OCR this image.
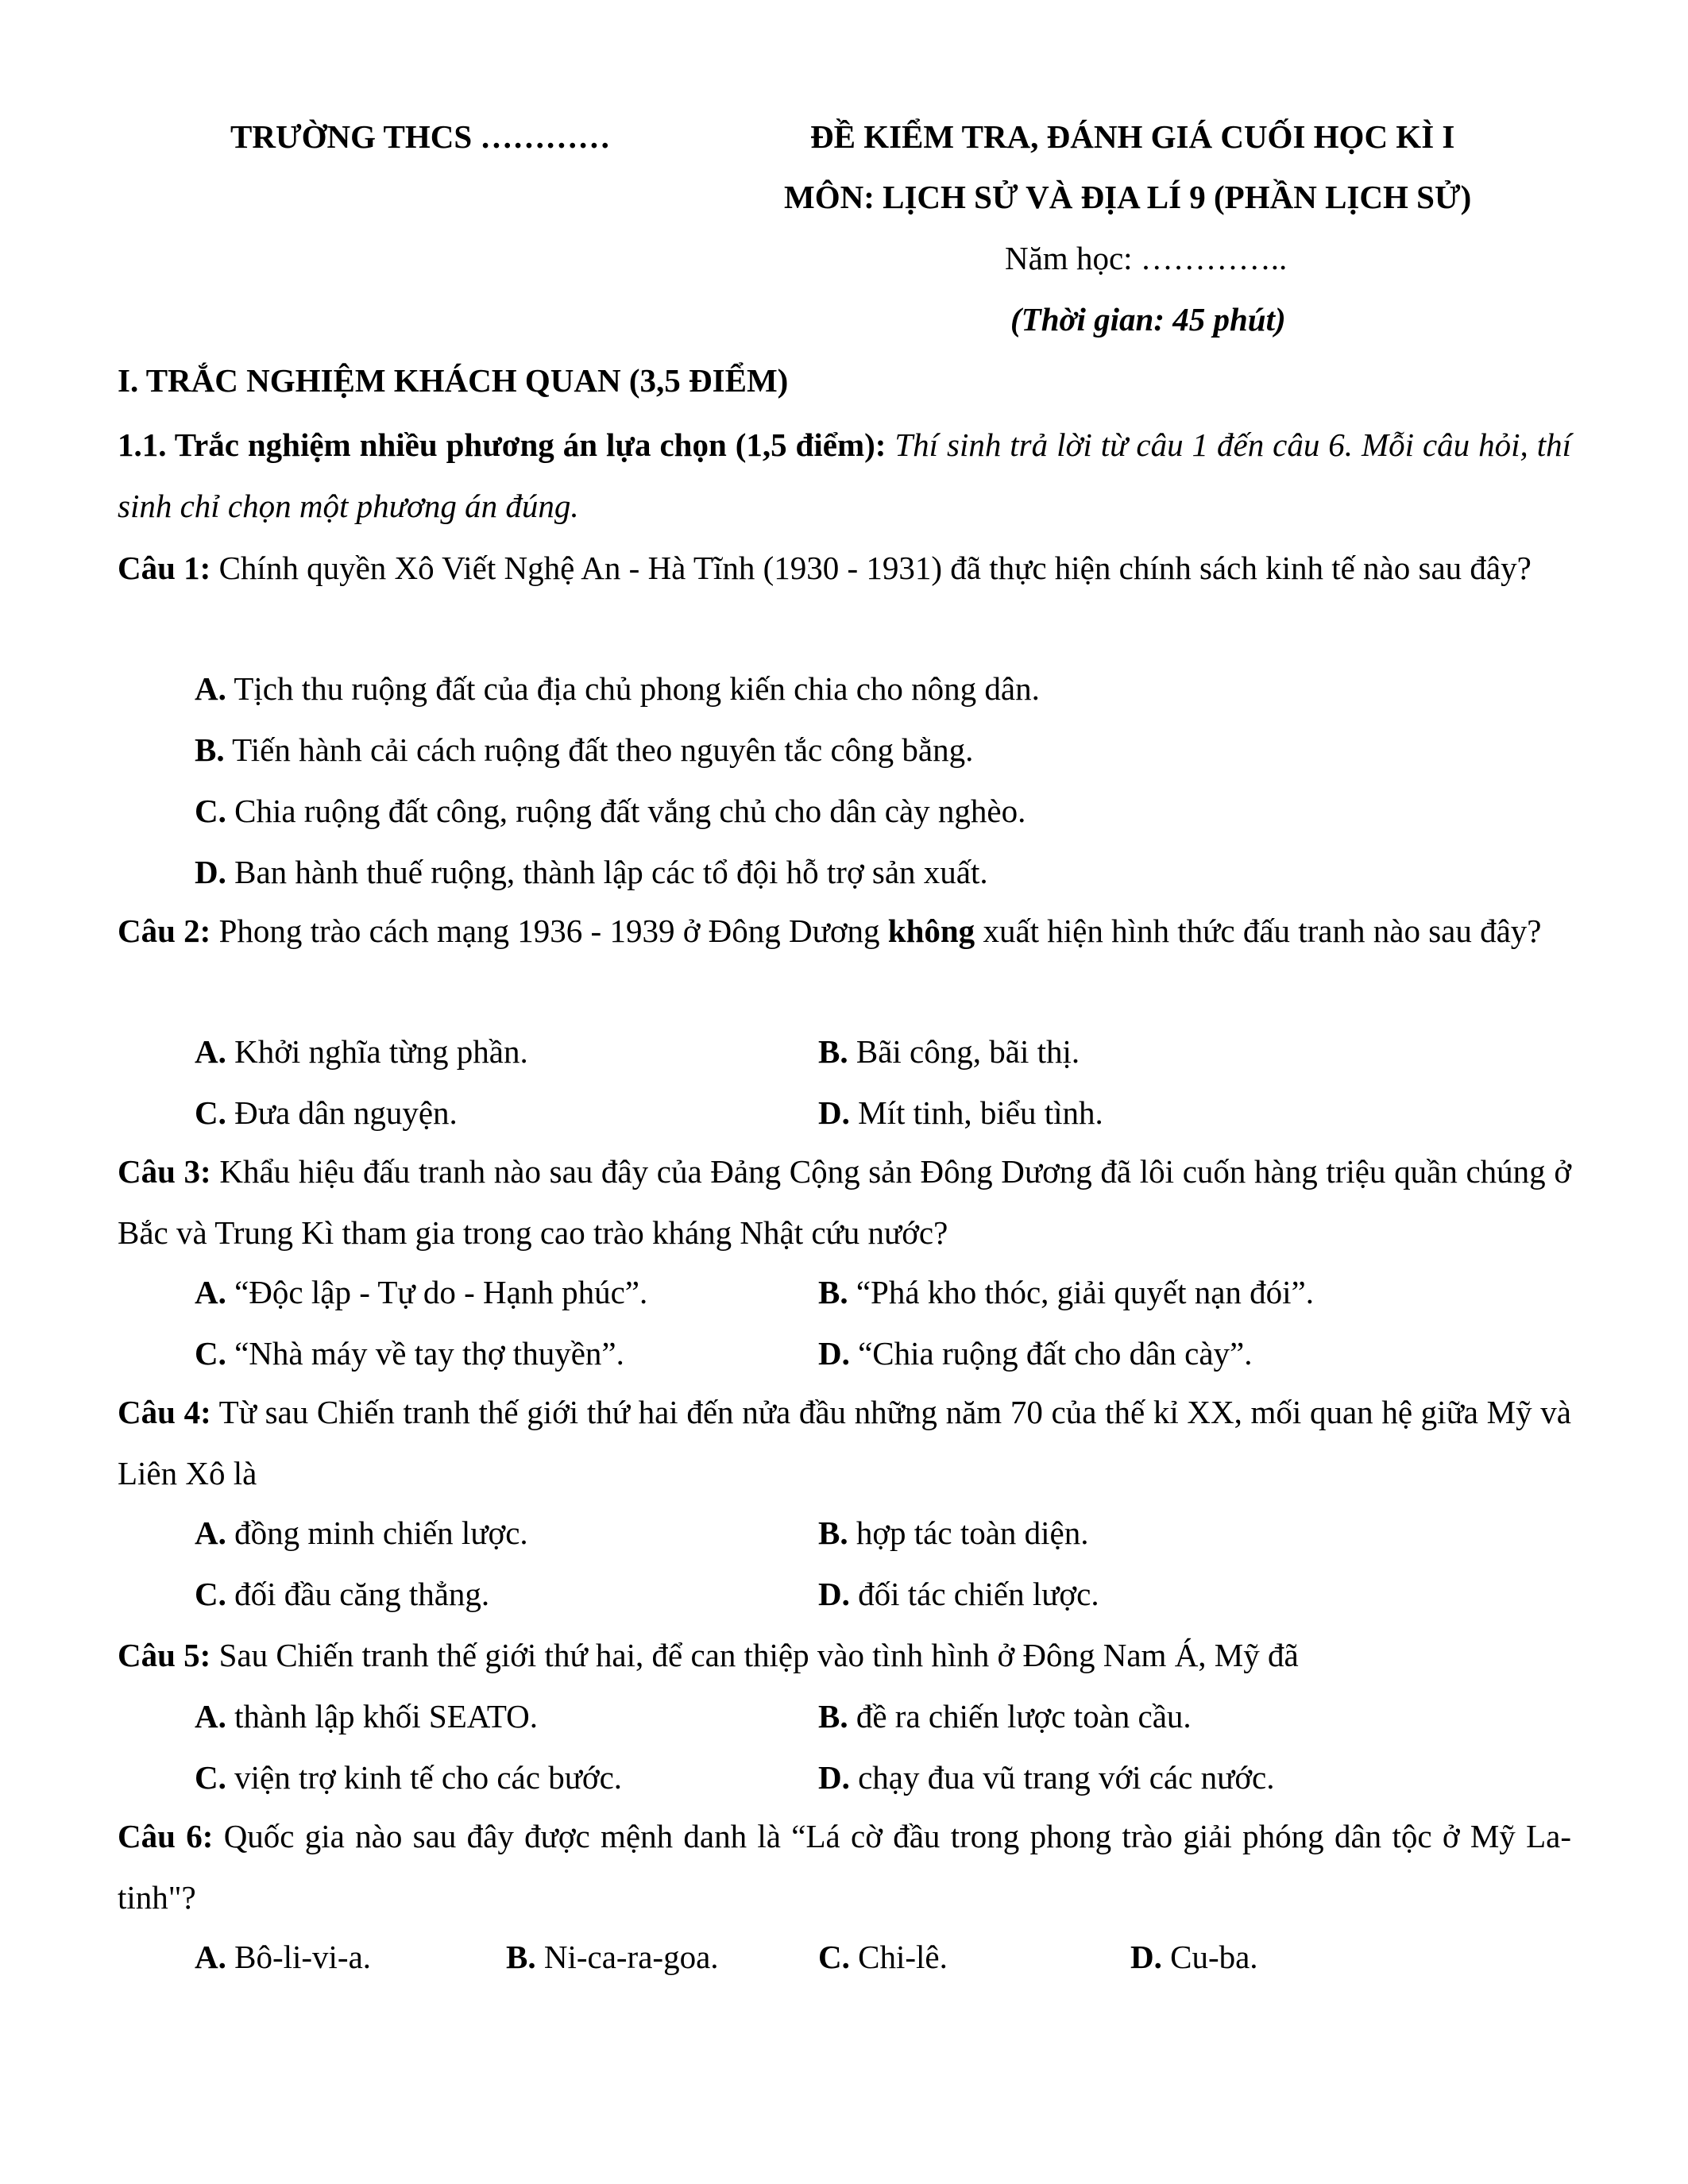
TRƯỜNG THCS …………	ĐỀ KIỂM TRA, ĐÁNH GIÁ CUỐI HỌC KÌ I
MÔN: LỊCH SỬ VÀ ĐỊA LÍ 9 (PHẦN LỊCH SỬ)
Năm học: …………..
(Thời gian: 45 phút)
I. TRẮC NGHIỆM KHÁCH QUAN (3,5 ĐIỂM)
1.1. Trắc nghiệm nhiều phương án lựa chọn (1,5 điểm): Thí sinh trả lời từ câu 1 đến câu 6. Mỗi câu hỏi, thí sinh chỉ chọn một phương án đúng.
Câu 1: Chính quyền Xô Viết Nghệ An - Hà Tĩnh (1930 - 1931) đã thực hiện chính sách kinh tế nào sau đây?
A. Tịch thu ruộng đất của địa chủ phong kiến chia cho nông dân.
B. Tiến hành cải cách ruộng đất theo nguyên tắc công bằng.
C. Chia ruộng đất công, ruộng đất vắng chủ cho dân cày nghèo.
D. Ban hành thuế ruộng, thành lập các tổ đội hỗ trợ sản xuất.
Câu 2: Phong trào cách mạng 1936 - 1939 ở Đông Dương không xuất hiện hình thức đấu tranh nào sau đây?
A. Khởi nghĩa từng phần.	B. Bãi công, bãi thị.
C. Đưa dân nguyện.	D. Mít tinh, biểu tình.
Câu 3: Khẩu hiệu đấu tranh nào sau đây của Đảng Cộng sản Đông Dương đã lôi cuốn hàng triệu quần chúng ở Bắc và Trung Kì tham gia trong cao trào kháng Nhật cứu nước?
A. “Độc lập - Tự do - Hạnh phúc”.	B. “Phá kho thóc, giải quyết nạn đói”.
C. “Nhà máy về tay thợ thuyền”.	D. “Chia ruộng đất cho dân cày”.
Câu 4: Từ sau Chiến tranh thế giới thứ hai đến nửa đầu những năm 70 của thế kỉ XX, mối quan hệ giữa Mỹ và Liên Xô là
A. đồng minh chiến lược.	B. hợp tác toàn diện.
C. đối đầu căng thẳng.	D. đối tác chiến lược.
Câu 5: Sau Chiến tranh thế giới thứ hai, để can thiệp vào tình hình ở Đông Nam Á, Mỹ đã
A. thành lập khối SEATO.	B. đề ra chiến lược toàn cầu.
C. viện trợ kinh tế cho các bước.	D. chạy đua vũ trang với các nước.
Câu 6: Quốc gia nào sau đây được mệnh danh là “Lá cờ đầu trong phong trào giải phóng dân tộc ở Mỹ La-tinh"?
A. Bô-li-vi-a.	B. Ni-ca-ra-goa.	C. Chi-lê.	D. Cu-ba.
